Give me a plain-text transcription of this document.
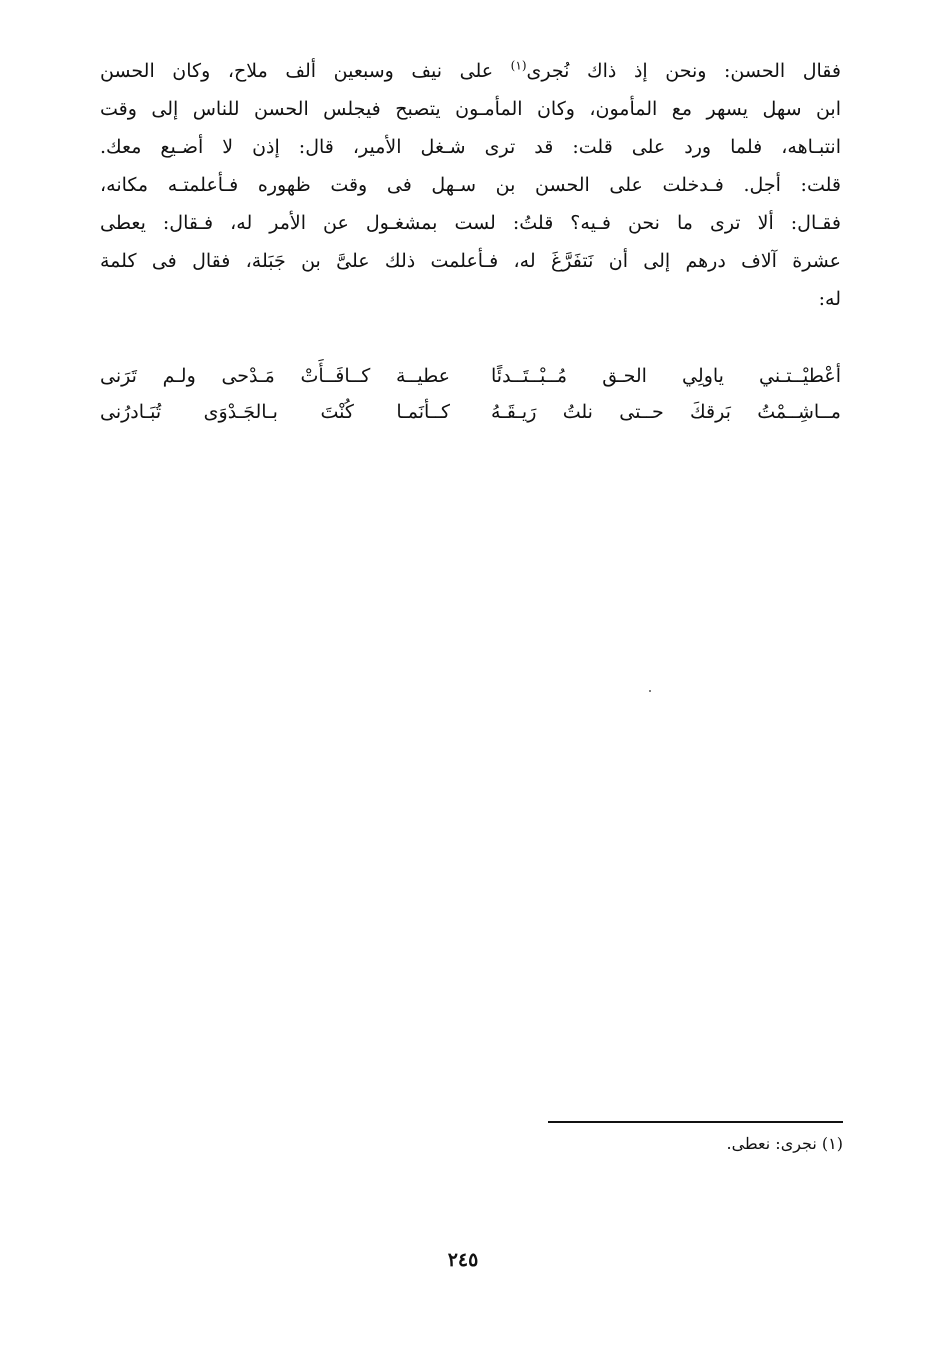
فقال الحسن: ونحن إذ ذاك نُجرى$^{(١)}$ على نيف وسبعين ألف ملاح، وكان الحسن
ابن سهل يسهر مع المأمون، وكان المأمـون يتصبح فيجلس الحسن للناس إلى وقت
انتبـاهه، فلما ورد على قلت: قد ترى شـغل الأمير، قال: إذن لا أضـيع معك.
قلت: أجل. فـدخلت على الحسن بن سـهل فى وقت ظهوره فـأعلمتـه مكانه،
فقـال: ألا ترى ما نحن فـيه؟ قلتُ: لست بمشغـول عن الأمر له، فـقال: يعطى
عشرة آلاف درهم إلى أن نَتفَرَّغَ له، فـأعلمت ذلك علىَّ بن جَبَلة، فقال فى كلمة
له:
أعْطيْــتـني ياولِي الحـق مُــبْــتَــدئًا
عطيــة كــافَــأَتْ مَـدْحى ولـم تَرَنى
مــاشِــمْتُ بَرقكَ حــتى نلتُ رَيـقَـهُ
كــأنَمـا كُنْتَ بـالجَـدْوَى تُبَـادرُنى
(١) نجرى: نعطى.
٢٤٥
